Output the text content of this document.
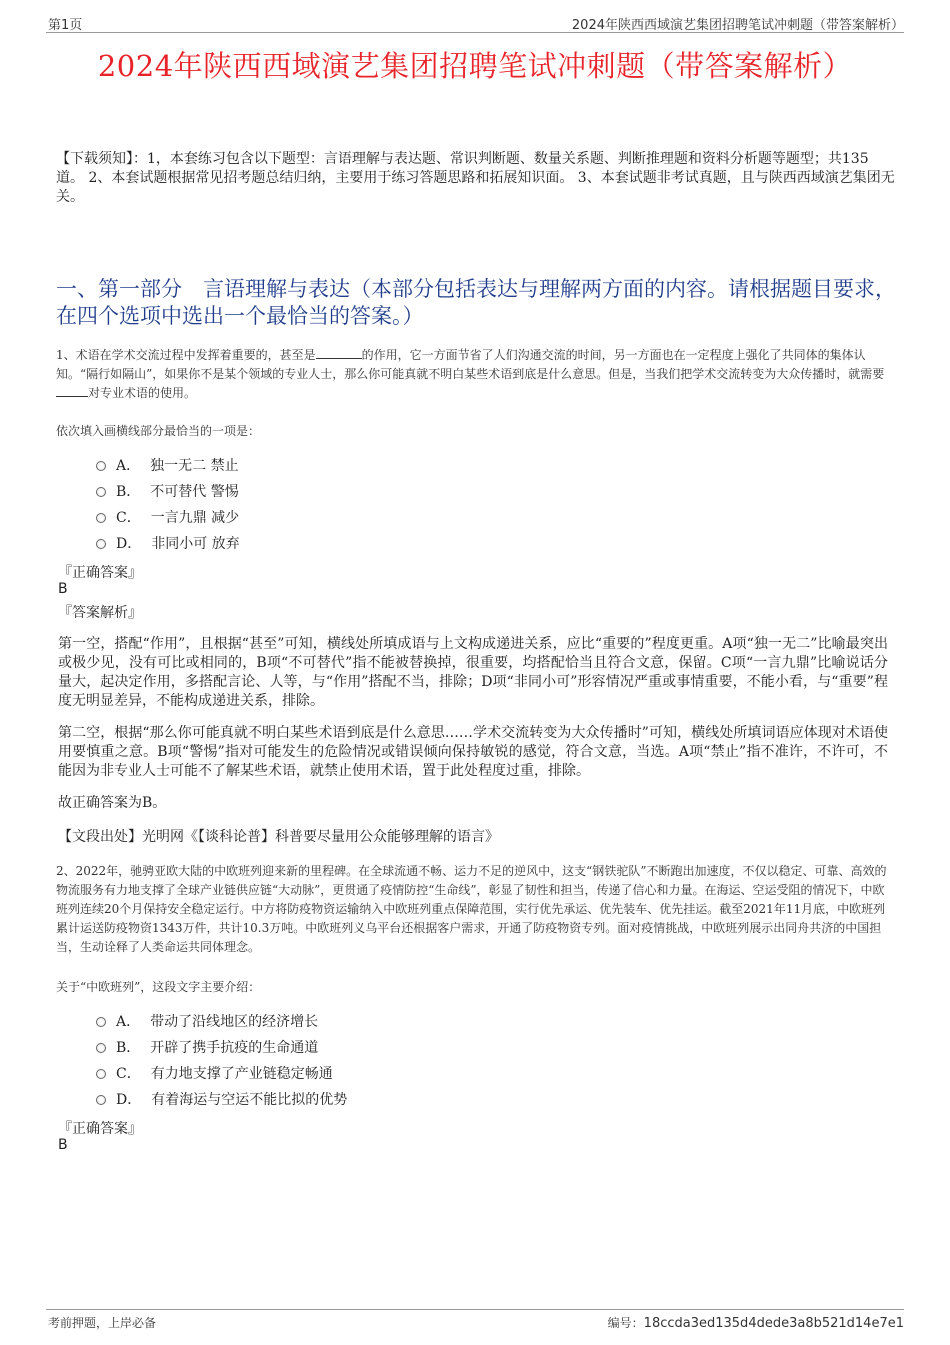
第1页	2024年陕西西域演艺集团招聘笔试冲刺题（带答案解析）
2024年陕西西域演艺集团招聘笔试冲刺题（带答案解析）
【下载须知】：1，本套练习包含以下题型：言语理解与表达题、常识判断题、数量关系题、判断推理题和资料分析题等题型；共135道。 2、本套试题根据常见招考题总结归纳，主要用于练习答题思路和拓展知识面。 3、本套试题非考试真题，且与陕西西域演艺集团无关。
一、第一部分　言语理解与表达（本部分包括表达与理解两方面的内容。请根据题目要求，在四个选项中选出一个最恰当的答案。）
1、术语在学术交流过程中发挥着重要的，甚至是	的作用，它一方面节省了人们沟通交流的时间，另一方面也在一定程度上强化了共同体的集体认知。“隔行如隔山”，如果你不是某个领域的专业人士，那么你可能真就不明白某些术语到底是什么意思。但是，当我们把学术交流转变为大众传播时，就需要对专业术语的使用。
依次填入画横线部分最恰当的一项是：
A． 独一无二 禁止
B． 不可替代 警惕
C． 一言九鼎 减少
D． 非同小可 放弃
『正确答案』
B
『答案解析』
第一空，搭配“作用”，且根据“甚至”可知，横线处所填成语与上文构成递进关系，应比“重要的”程度更重。A项“独一无二”比喻最突出或极少见，没有可比或相同的，B项“不可替代”指不能被替换掉，很重要，均搭配恰当且符合文意，保留。C项“一言九鼎”比喻说话分量大，起决定作用，多搭配言论、人等，与“作用”搭配不当，排除；D项“非同小可”形容情况严重或事情重要，不能小看，与“重要”程度无明显差异，不能构成递进关系，排除。
第二空，根据“那么你可能真就不明白某些术语到底是什么意思……学术交流转变为大众传播时”可知，横线处所填词语应体现对术语使用要慎重之意。B项“警惕”指对可能发生的危险情况或错误倾向保持敏锐的感觉，符合文意，当选。A项“禁止”指不准许，不许可，不能因为非专业人士可能不了解某些术语，就禁止使用术语，置于此处程度过重，排除。
故正确答案为B。
【文段出处】光明网《【谈科论普】科普要尽量用公众能够理解的语言》
2、2022年，驰骋亚欧大陆的中欧班列迎来新的里程碑。在全球流通不畅、运力不足的逆风中，这支“钢铁驼队”不断跑出加速度，不仅以稳定、可靠、高效的物流服务有力地支撑了全球产业链供应链“大动脉”，更贯通了疫情防控“生命线”，彰显了韧性和担当，传递了信心和力量。在海运、空运受阻的情况下，中欧班列连续20个月保持安全稳定运行。中方将防疫物资运输纳入中欧班列重点保障范围，实行优先承运、优先装车、优先挂运。截至2021年11月底，中欧班列累计运送防疫物资1343万件，共计10.3万吨。中欧班列义乌平台还根据客户需求，开通了防疫物资专列。面对疫情挑战，中欧班列展示出同舟共济的中国担当，生动诠释了人类命运共同体理念。
关于“中欧班列”，这段文字主要介绍：
A． 带动了沿线地区的经济增长
B． 开辟了携手抗疫的生命通道
C． 有力地支撑了产业链稳定畅通
D． 有着海运与空运不能比拟的优势
『正确答案』
B
考前押题，上岸必备	编号：18ccda3ed135d4dede3a8b521d14e7e1
